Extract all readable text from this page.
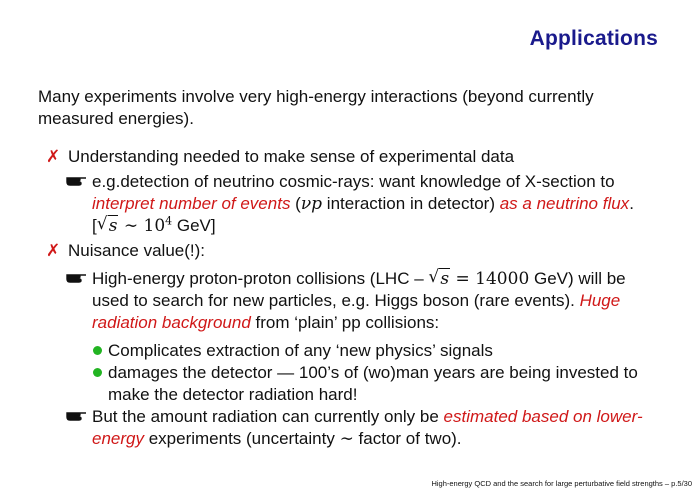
Applications
Many experiments involve very high-energy interactions (beyond currently measured energies).
✗ Understanding needed to make sense of experimental data
e.g.detection of neutrino cosmic-rays: want knowledge of X-section to interpret number of events (νp interaction in detector) as a neutrino flux.
[ √ s ∼ $10^4$ GeV]
✗ Nuisance value(!):
High-energy proton-proton collisions (LHC – √ s = 14000 GeV) will be used to search for new particles, e.g. Higgs boson (rare events). Huge radiation background from ‘plain’ pp collisions:
Complicates extraction of any ‘new physics’ signals
damages the detector — 100’s of (wo)man years are being invested to make the detector radiation hard!
But the amount radiation can currently only be estimated based on lower-energy experiments (uncertainty ∼ factor of two).
High-energy QCD and the search for large perturbative field strengths – p.5/30
